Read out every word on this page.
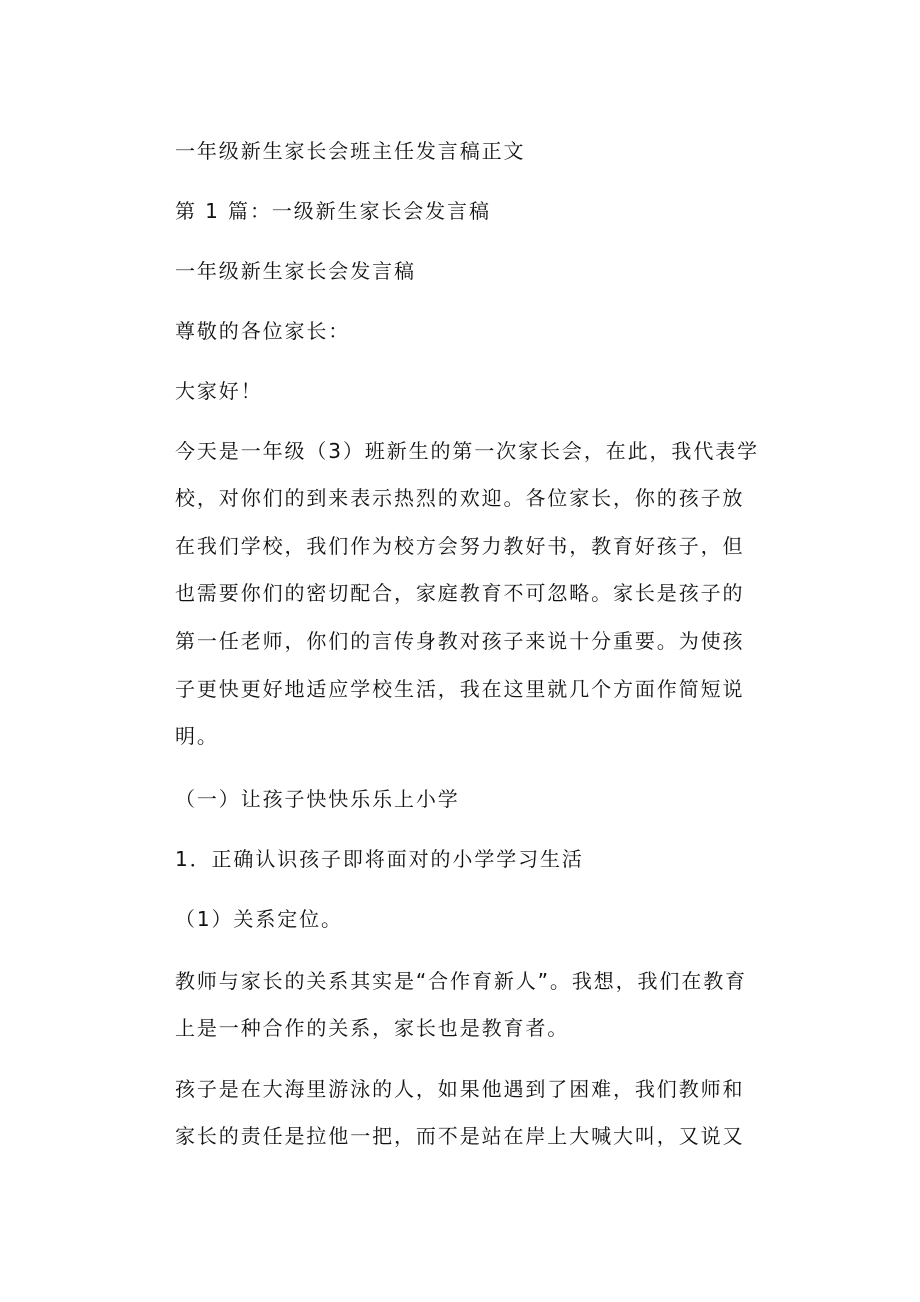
一年级新生家长会班主任发言稿正文
第 1 篇：一级新生家长会发言稿
一年级新生家长会发言稿
尊敬的各位家长：
大家好！
今天是一年级（3）班新生的第一次家长会，在此，我代表学
校，对你们的到来表示热烈的欢迎。各位家长，你的孩子放
在我们学校，我们作为校方会努力教好书，教育好孩子，但
也需要你们的密切配合，家庭教育不可忽略。家长是孩子的
第一任老师，你们的言传身教对孩子来说十分重要。为使孩
子更快更好地适应学校生活，我在这里就几个方面作简短说
明。
（一）让孩子快快乐乐上小学
1．正确认识孩子即将面对的小学学习生活
（1）关系定位。
教师与家长的关系其实是“合作育新人”。我想，我们在教育
上是一种合作的关系，家长也是教育者。
孩子是在大海里游泳的人，如果他遇到了困难，我们教师和
家长的责任是拉他一把，而不是站在岸上大喊大叫，又说又
